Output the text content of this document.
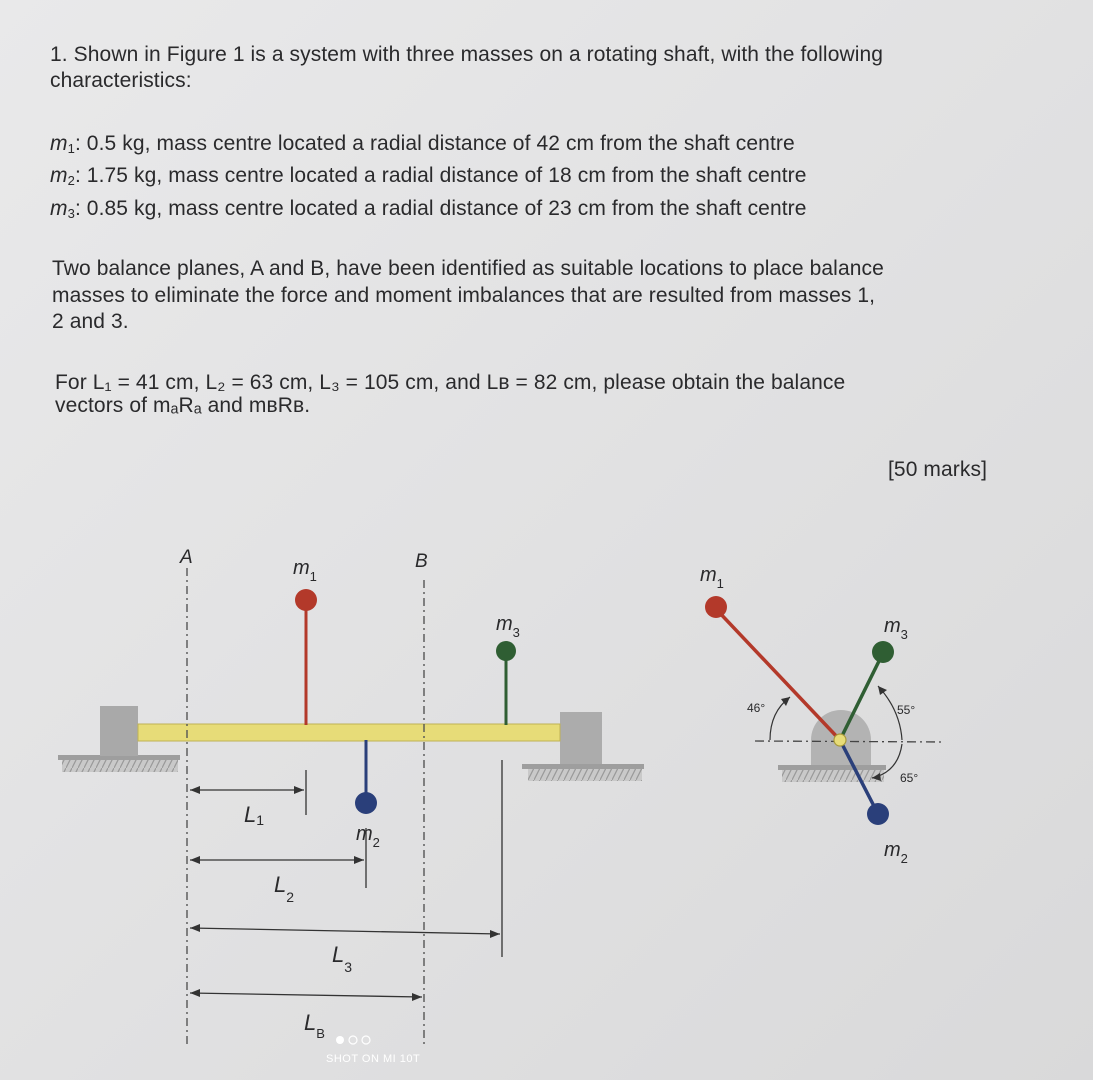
1. Shown in Figure 1 is a system with three masses on a rotating shaft, with the following
characteristics:
$m_1$: 0.5 kg, mass centre located a radial distance of 42 cm from the shaft centre
$m_2$: 1.75 kg, mass centre located a radial distance of 18 cm from the shaft centre
$m_3$: 0.85 kg, mass centre located a radial distance of 23 cm from the shaft centre
Two balance planes, A and B, have been identified as suitable locations to place balance
masses to eliminate the force and moment imbalances that are resulted from masses 1,
2 and 3.
For L₁ = 41 cm, L₂ = 63 cm, L₃ = 105 cm, and Lʙ = 82 cm, please obtain the balance
vectors of mₐRₐ and mʙRʙ.
[50 marks]
A	B
$m_1$
$m_2$
$m_3$
L1
$L_2$
$L_3$
$L_B$
$m_1$
$m_3$
$m_2$
46°	55°
65°
SHOT ON MI 10T
